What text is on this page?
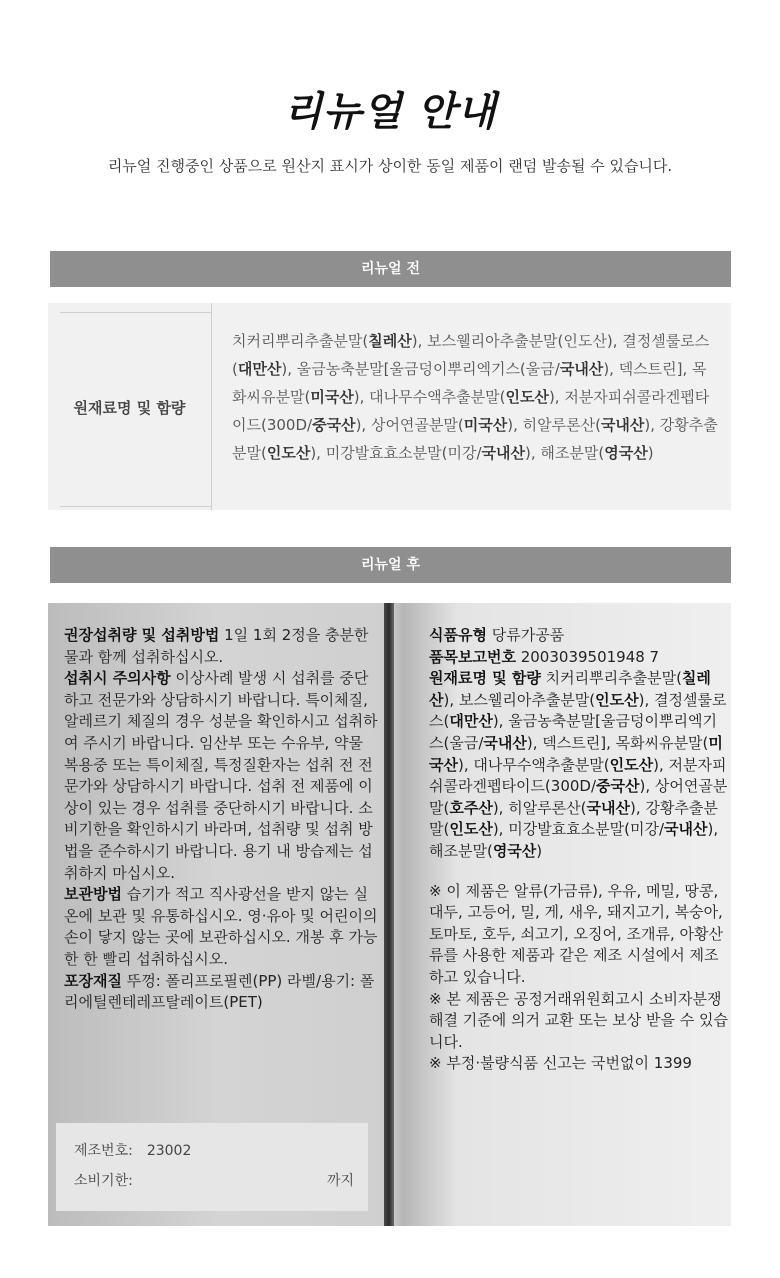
리뉴얼 안내

리뉴얼 진행중인 상품으로 원산지 표시가 상이한 동일 제품이 랜덤 발송될 수 있습니다.

리뉴얼 전
원재료명 및 함량
치커리뿌리추출분말(칠레산), 보스웰리아추출분말(인도산), 결정셀룰로스(대만산), 울금농축분말[울금덩이뿌리엑기스(울금/국내산), 덱스트린], 목화씨유분말(미국산), 대나무수액추출분말(인도산), 저분자피쉬콜라겐펩타이드(300D/중국산), 상어연골분말(미국산), 히알루론산(국내산), 강황추출분말(인도산), 미강발효효소분말(미강/국내산), 해조분말(영국산)
리뉴얼 후

권장섭취량 및 섭취방법 1일 1회 2정을 충분한 물과 함께 섭취하십시오.

섭취시 주의사항 이상사례 발생 시 섭취를 중단하고 전문가와 상담하시기 바랍니다. 특이체질, 알레르기 체질의 경우 성분을 확인하시고 섭취하여 주시기 바랍니다. 임산부 또는 수유부, 약물 복용중 또는 특이체질, 특정질환자는 섭취 전 전문가와 상담하시기 바랍니다. 섭취 전 제품에 이상이 있는 경우 섭취를 중단하시기 바랍니다. 소비기한을 확인하시기 바라며, 섭취량 및 섭취 방법을 준수하시기 바랍니다. 용기 내 방습제는 섭취하지 마십시오.

보관방법 습기가 적고 직사광선을 받지 않는 실온에 보관 및 유통하십시오. 영·유아 및 어린이의 손이 닿지 않는 곳에 보관하십시오. 개봉 후 가능한 한 빨리 섭취하십시오.

포장재질 뚜껑: 폴리프로필렌(PP) 라벨/용기: 폴리에틸렌테레프탈레이트(PET)

식품유형 당류가공품

품목보고번호 2003039501948 7

원재료명 및 함량 치커리뿌리추출분말(칠레산), 보스웰리아추출분말(인도산), 결정셀룰로스(대만산), 울금농축분말[울금덩이뿌리엑기스(울금/국내산), 덱스트린], 목화씨유분말(미국산), 대나무수액추출분말(인도산), 저분자피쉬콜라겐펩타이드(300D/중국산), 상어연골분말(호주산), 히알루론산(국내산), 강황추출분말(인도산), 미강발효효소분말(미강/국내산), 해조분말(영국산)

※ 이 제품은 알류(가금류), 우유, 메밀, 땅콩, 대두, 고등어, 밀, 게, 새우, 돼지고기, 복숭아, 토마토, 호두, 쇠고기, 오징어, 조개류, 아황산류를 사용한 제품과 같은 제조 시설에서 제조하고 있습니다.

※ 본 제품은 공정거래위원회고시 소비자분쟁해결 기준에 의거 교환 또는 보상 받을 수 있습니다.

※ 부정·불량식품 신고는 국번없이 1399

제조번호: 23002
소비기한:	까지
